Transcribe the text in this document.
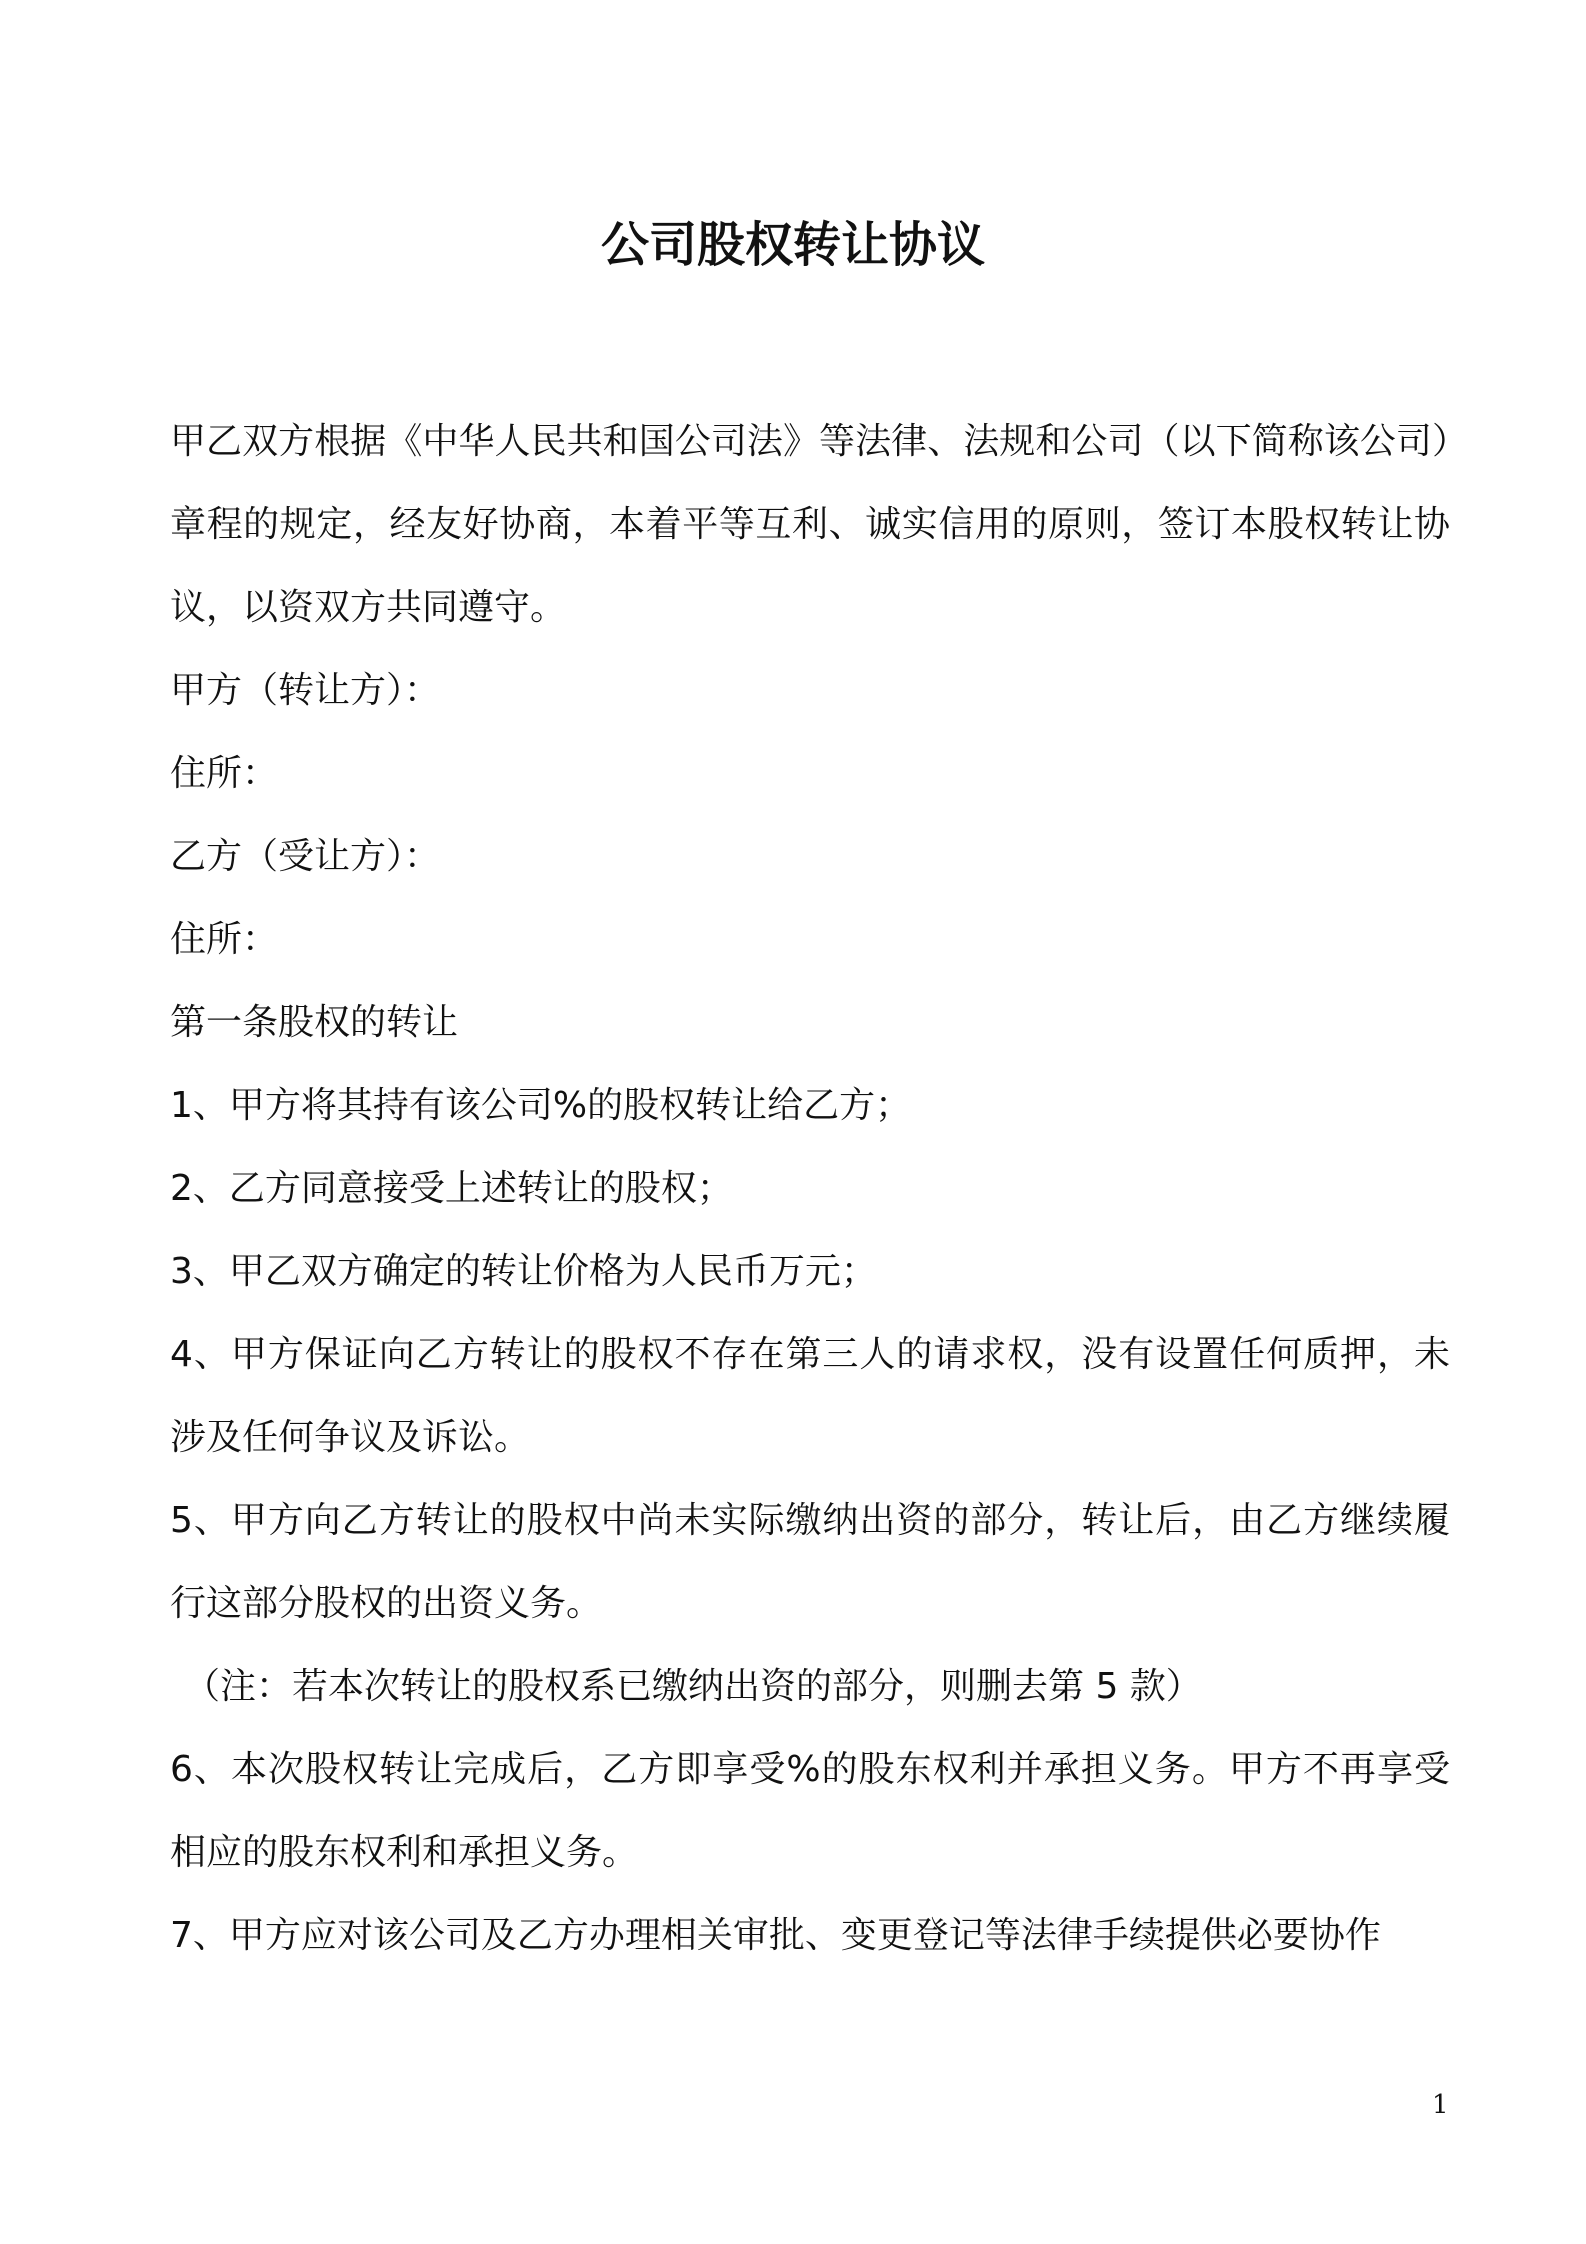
公司股权转让协议

甲乙双方根据《中华人民共和国公司法》等法律、法规和公司（以下简称该公司）章程的规定，经友好协商，本着平等互利、诚实信用的原则，签订本股权转让协议，以资双方共同遵守。

甲方（转让方）：

住所：

乙方（受让方）：

住所：

第一条股权的转让

1、甲方将其持有该公司%的股权转让给乙方；

2、乙方同意接受上述转让的股权；

3、甲乙双方确定的转让价格为人民币万元；

4、甲方保证向乙方转让的股权不存在第三人的请求权，没有设置任何质押，未涉及任何争议及诉讼。

5、甲方向乙方转让的股权中尚未实际缴纳出资的部分，转让后，由乙方继续履行这部分股权的出资义务。

（注：若本次转让的股权系已缴纳出资的部分，则删去第 5 款）

6、本次股权转让完成后，乙方即享受%的股东权利并承担义务。甲方不再享受相应的股东权利和承担义务。

7、甲方应对该公司及乙方办理相关审批、变更登记等法律手续提供必要协作

1
